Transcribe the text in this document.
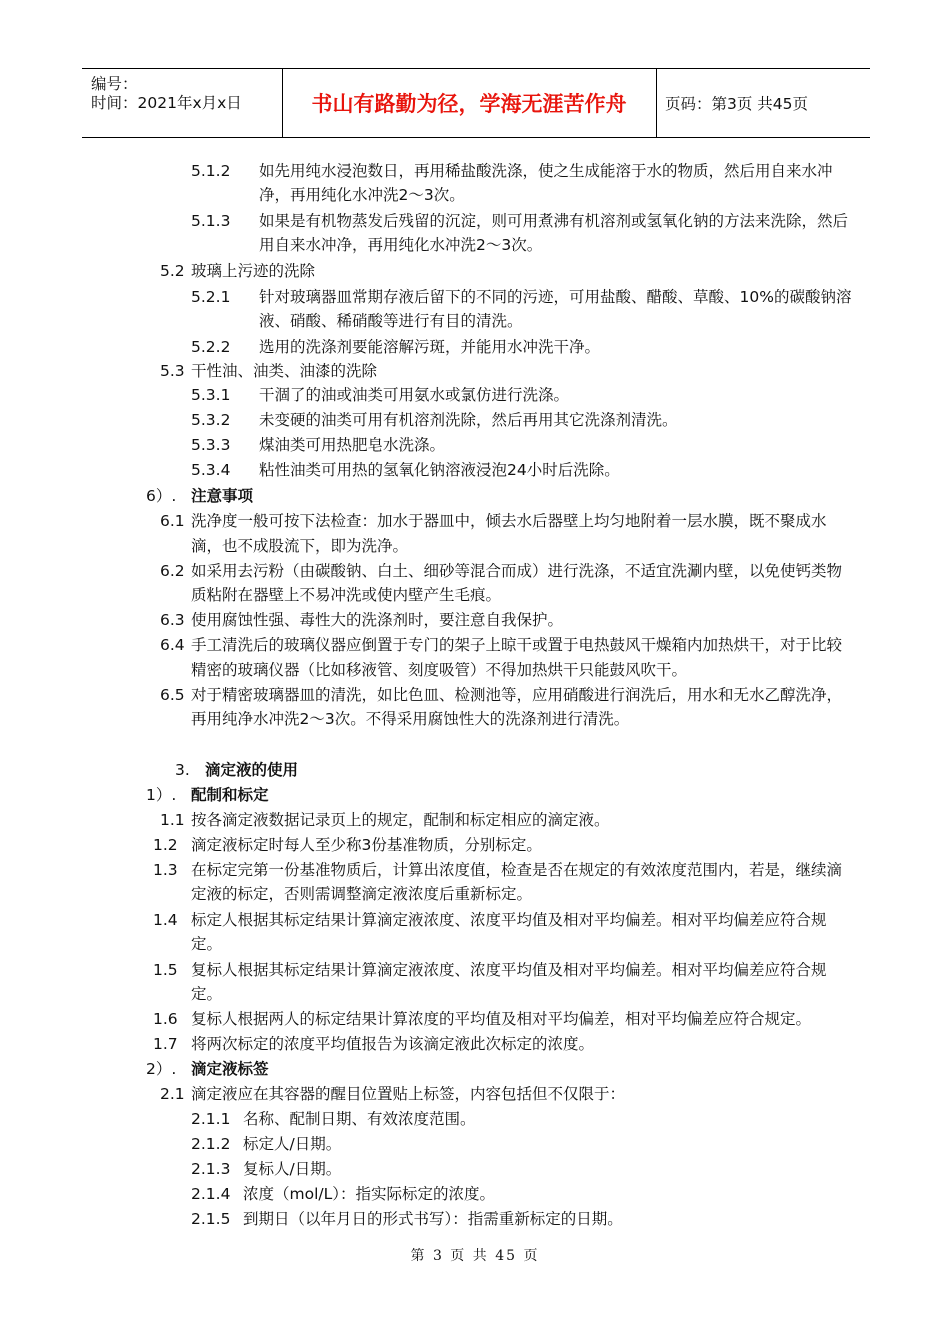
编号：
时间：2021年x月x日	书山有路勤为径，学海无涯苦作舟	页码：第3页 共45页
5.1.2 如先用纯水浸泡数日，再用稀盐酸洗涤，使之生成能溶于水的物质，然后用自来水冲
净，再用纯化水冲洗2～3次。
5.1.3 如果是有机物蒸发后残留的沉淀，则可用煮沸有机溶剂或氢氧化钠的方法来洗除，然后
用自来水冲净，再用纯化水冲洗2～3次。
5.2 玻璃上污迹的洗除
5.2.1 针对玻璃器皿常期存液后留下的不同的污迹，可用盐酸、醋酸、草酸、10%的碳酸钠溶
液、硝酸、稀硝酸等进行有目的清洗。
5.2.2 选用的洗涤剂要能溶解污斑，并能用水冲洗干净。
5.3 干性油、油类、油漆的洗除
5.3.1 干涸了的油或油类可用氨水或氯仿进行洗涤。
5.3.2 未变硬的油类可用有机溶剂洗除，然后再用其它洗涤剂清洗。
5.3.3 煤油类可用热肥皂水洗涤。
5.3.4 粘性油类可用热的氢氧化钠溶液浸泡24小时后洗除。
6）. 注意事项
6.1 洗净度一般可按下法检查：加水于器皿中，倾去水后器壁上均匀地附着一层水膜，既不聚成水
滴，也不成股流下，即为洗净。
6.2 如采用去污粉（由碳酸钠、白土、细砂等混合而成）进行洗涤，不适宜洗涮内壁，以免使钙类物
质粘附在器壁上不易冲洗或使内壁产生毛痕。
6.3 使用腐蚀性强、毒性大的洗涤剂时，要注意自我保护。
6.4 手工清洗后的玻璃仪器应倒置于专门的架子上晾干或置于电热鼓风干燥箱内加热烘干，对于比较
精密的玻璃仪器（比如移液管、刻度吸管）不得加热烘干只能鼓风吹干。
6.5 对于精密玻璃器皿的清洗，如比色皿、检测池等，应用硝酸进行润洗后，用水和无水乙醇洗净，
再用纯净水冲洗2～3次。不得采用腐蚀性大的洗涤剂进行清洗。
3. 滴定液的使用
1）. 配制和标定
1.1 按各滴定液数据记录页上的规定，配制和标定相应的滴定液。
1.2 滴定液标定时每人至少称3份基准物质，分别标定。
1.3 在标定完第一份基准物质后，计算出浓度值，检查是否在规定的有效浓度范围内，若是，继续滴
定液的标定，否则需调整滴定液浓度后重新标定。
1.4 标定人根据其标定结果计算滴定液浓度、浓度平均值及相对平均偏差。相对平均偏差应符合规
定。
1.5 复标人根据其标定结果计算滴定液浓度、浓度平均值及相对平均偏差。相对平均偏差应符合规
定。
1.6 复标人根据两人的标定结果计算浓度的平均值及相对平均偏差，相对平均偏差应符合规定。
1.7 将两次标定的浓度平均值报告为该滴定液此次标定的浓度。
2）. 滴定液标签
2.1 滴定液应在其容器的醒目位置贴上标签，内容包括但不仅限于：
2.1.1 名称、配制日期、有效浓度范围。
2.1.2 标定人/日期。
2.1.3 复标人/日期。
2.1.4 浓度（mol/L）：指实际标定的浓度。
2.1.5 到期日（以年月日的形式书写）：指需重新标定的日期。
第 3 页 共 45 页
